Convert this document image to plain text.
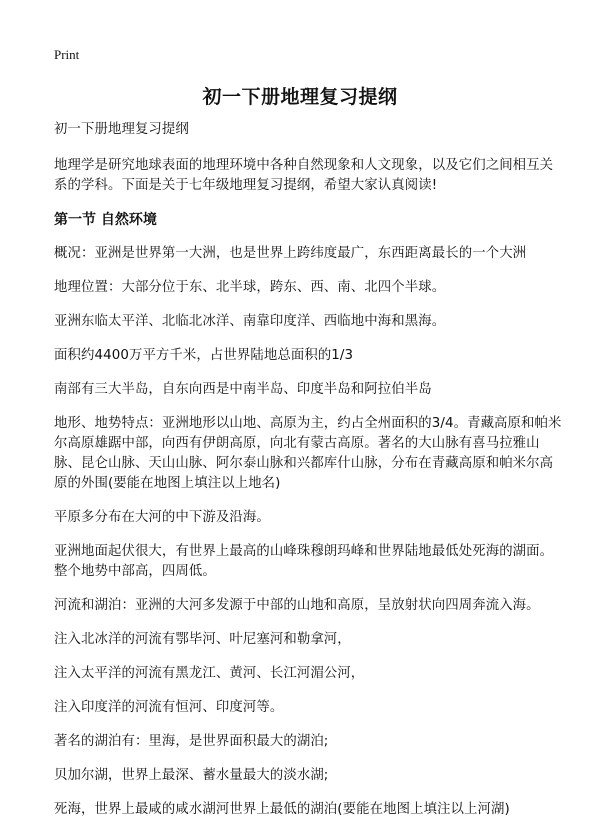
Print
初一下册地理复习提纲

初一下册地理复习提纲

地理学是研究地球表面的地理环境中各种自然现象和人文现象，以及它们之间相互关系的学科。下面是关于七年级地理复习提纲，希望大家认真阅读!

第一节 自然环境

概况：亚洲是世界第一大洲，也是世界上跨纬度最广，东西距离最长的一个大洲

地理位置：大部分位于东、北半球，跨东、西、南、北四个半球。

亚洲东临太平洋、北临北冰洋、南靠印度洋、西临地中海和黑海。

面积约4400万平方千米，占世界陆地总面积的1/3

南部有三大半岛，自东向西是中南半岛、印度半岛和阿拉伯半岛

地形、地势特点：亚洲地形以山地、高原为主，约占全州面积的3/4。青藏高原和帕米尔高原雄踞中部，向西有伊朗高原，向北有蒙古高原。著名的大山脉有喜马拉雅山脉、昆仑山脉、天山山脉、阿尔泰山脉和兴都库什山脉，分布在青藏高原和帕米尔高原的外围(要能在地图上填注以上地名)

平原多分布在大河的中下游及沿海。

亚洲地面起伏很大，有世界上最高的山峰珠穆朗玛峰和世界陆地最低处死海的湖面。整个地势中部高，四周低。

河流和湖泊：亚洲的大河多发源于中部的山地和高原，呈放射状向四周奔流入海。

注入北冰洋的河流有鄂毕河、叶尼塞河和勒拿河，

注入太平洋的河流有黑龙江、黄河、长江河湄公河，

注入印度洋的河流有恒河、印度河等。

著名的湖泊有：里海，是世界面积最大的湖泊;

贝加尔湖，世界上最深、蓄水量最大的淡水湖;

死海，世界上最咸的咸水湖河世界上最低的湖泊(要能在地图上填注以上河湖)
